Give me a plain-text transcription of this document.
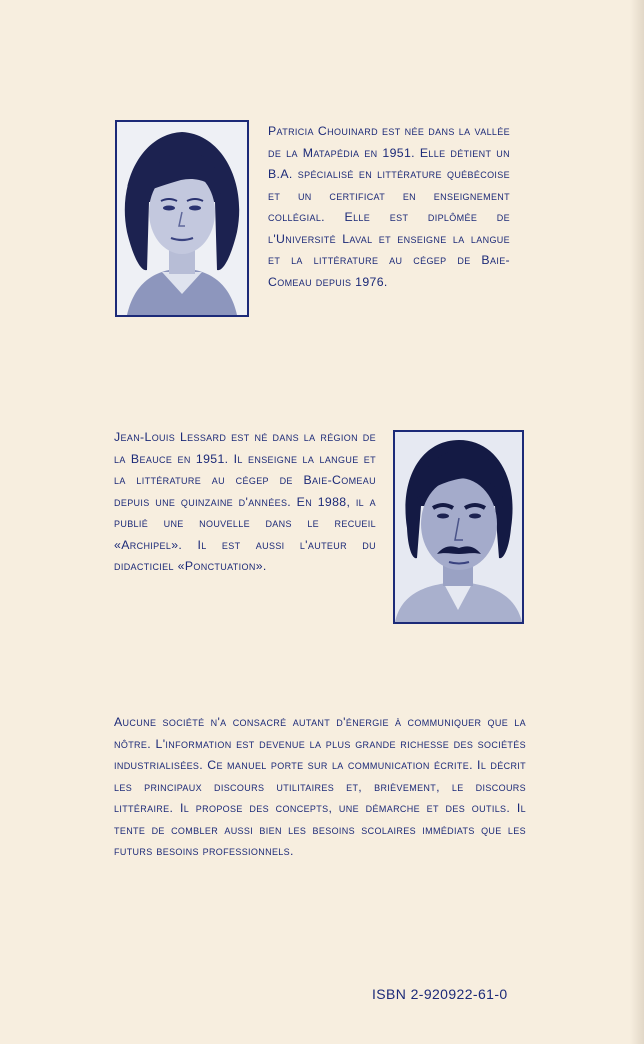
Patricia Chouinard est née dans la vallée de la Matapédia en 1951. Elle détient un B.A. spécialisé en littérature québécoise et un certificat en enseignement collégial. Elle est diplômée de l'Université Laval et enseigne la langue et la littérature au cégep de Baie-Comeau depuis 1976.

Jean-Louis Lessard est né dans la région de la Beauce en 1951. Il enseigne la langue et la littérature au cégep de Baie-Comeau depuis une quinzaine d'années. En 1988, il a publié une nouvelle dans le recueil «Archipel». Il est aussi l'auteur du didacticiel «Ponctuation».

Aucune société n'a consacré autant d'énergie à communiquer que la nôtre. L'information est devenue la plus grande richesse des sociétés industrialisées. Ce manuel porte sur la communication écrite. Il décrit les principaux discours utilitaires et, brièvement, le discours littéraire. Il propose des concepts, une démarche et des outils. Il tente de combler aussi bien les besoins scolaires immédiats que les futurs besoins professionnels.

ISBN 2-920922-61-0
